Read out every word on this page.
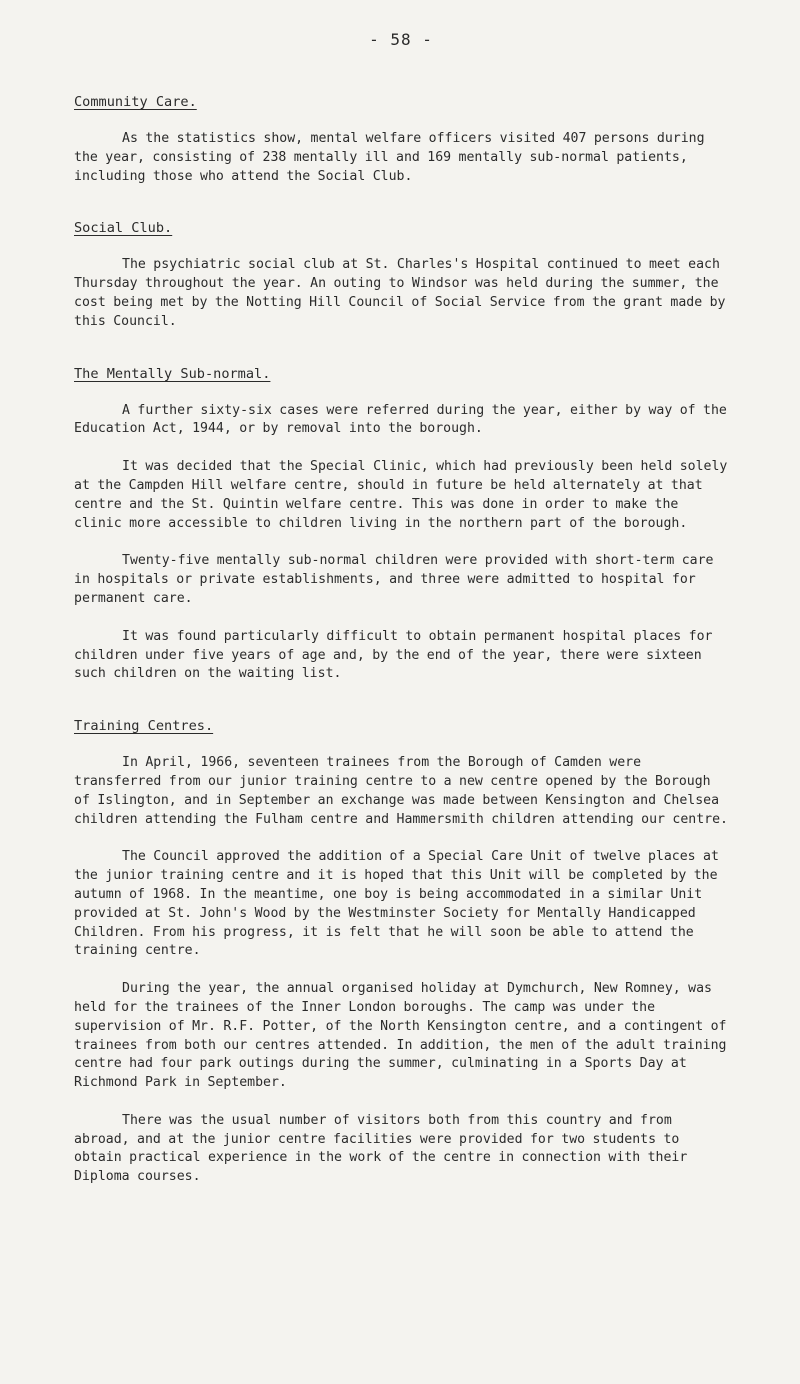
- 58 -
Community Care.

As the statistics show, mental welfare officers visited 407 persons during the year, consisting of 238 mentally ill and 169 mentally sub-normal patients, including those who attend the Social Club.

Social Club.

The psychiatric social club at St. Charles's Hospital continued to meet each Thursday throughout the year. An outing to Windsor was held during the summer, the cost being met by the Notting Hill Council of Social Service from the grant made by this Council.

The Mentally Sub-normal.

A further sixty-six cases were referred during the year, either by way of the Education Act, 1944, or by removal into the borough.

It was decided that the Special Clinic, which had previously been held solely at the Campden Hill welfare centre, should in future be held alternately at that centre and the St. Quintin welfare centre. This was done in order to make the clinic more accessible to children living in the northern part of the borough.

Twenty-five mentally sub-normal children were provided with short-term care in hospitals or private establishments, and three were admitted to hospital for permanent care.

It was found particularly difficult to obtain permanent hospital places for children under five years of age and, by the end of the year, there were sixteen such children on the waiting list.

Training Centres.

In April, 1966, seventeen trainees from the Borough of Camden were transferred from our junior training centre to a new centre opened by the Borough of Islington, and in September an exchange was made between Kensington and Chelsea children attending the Fulham centre and Hammersmith children attending our centre.

The Council approved the addition of a Special Care Unit of twelve places at the junior training centre and it is hoped that this Unit will be completed by the autumn of 1968. In the meantime, one boy is being accommodated in a similar Unit provided at St. John's Wood by the Westminster Society for Mentally Handicapped Children. From his progress, it is felt that he will soon be able to attend the training centre.

During the year, the annual organised holiday at Dymchurch, New Romney, was held for the trainees of the Inner London boroughs. The camp was under the supervision of Mr. R.F. Potter, of the North Kensington centre, and a contingent of trainees from both our centres attended. In addition, the men of the adult training centre had four park outings during the summer, culminating in a Sports Day at Richmond Park in September.

There was the usual number of visitors both from this country and from abroad, and at the junior centre facilities were provided for two students to obtain practical experience in the work of the centre in connection with their Diploma courses.
